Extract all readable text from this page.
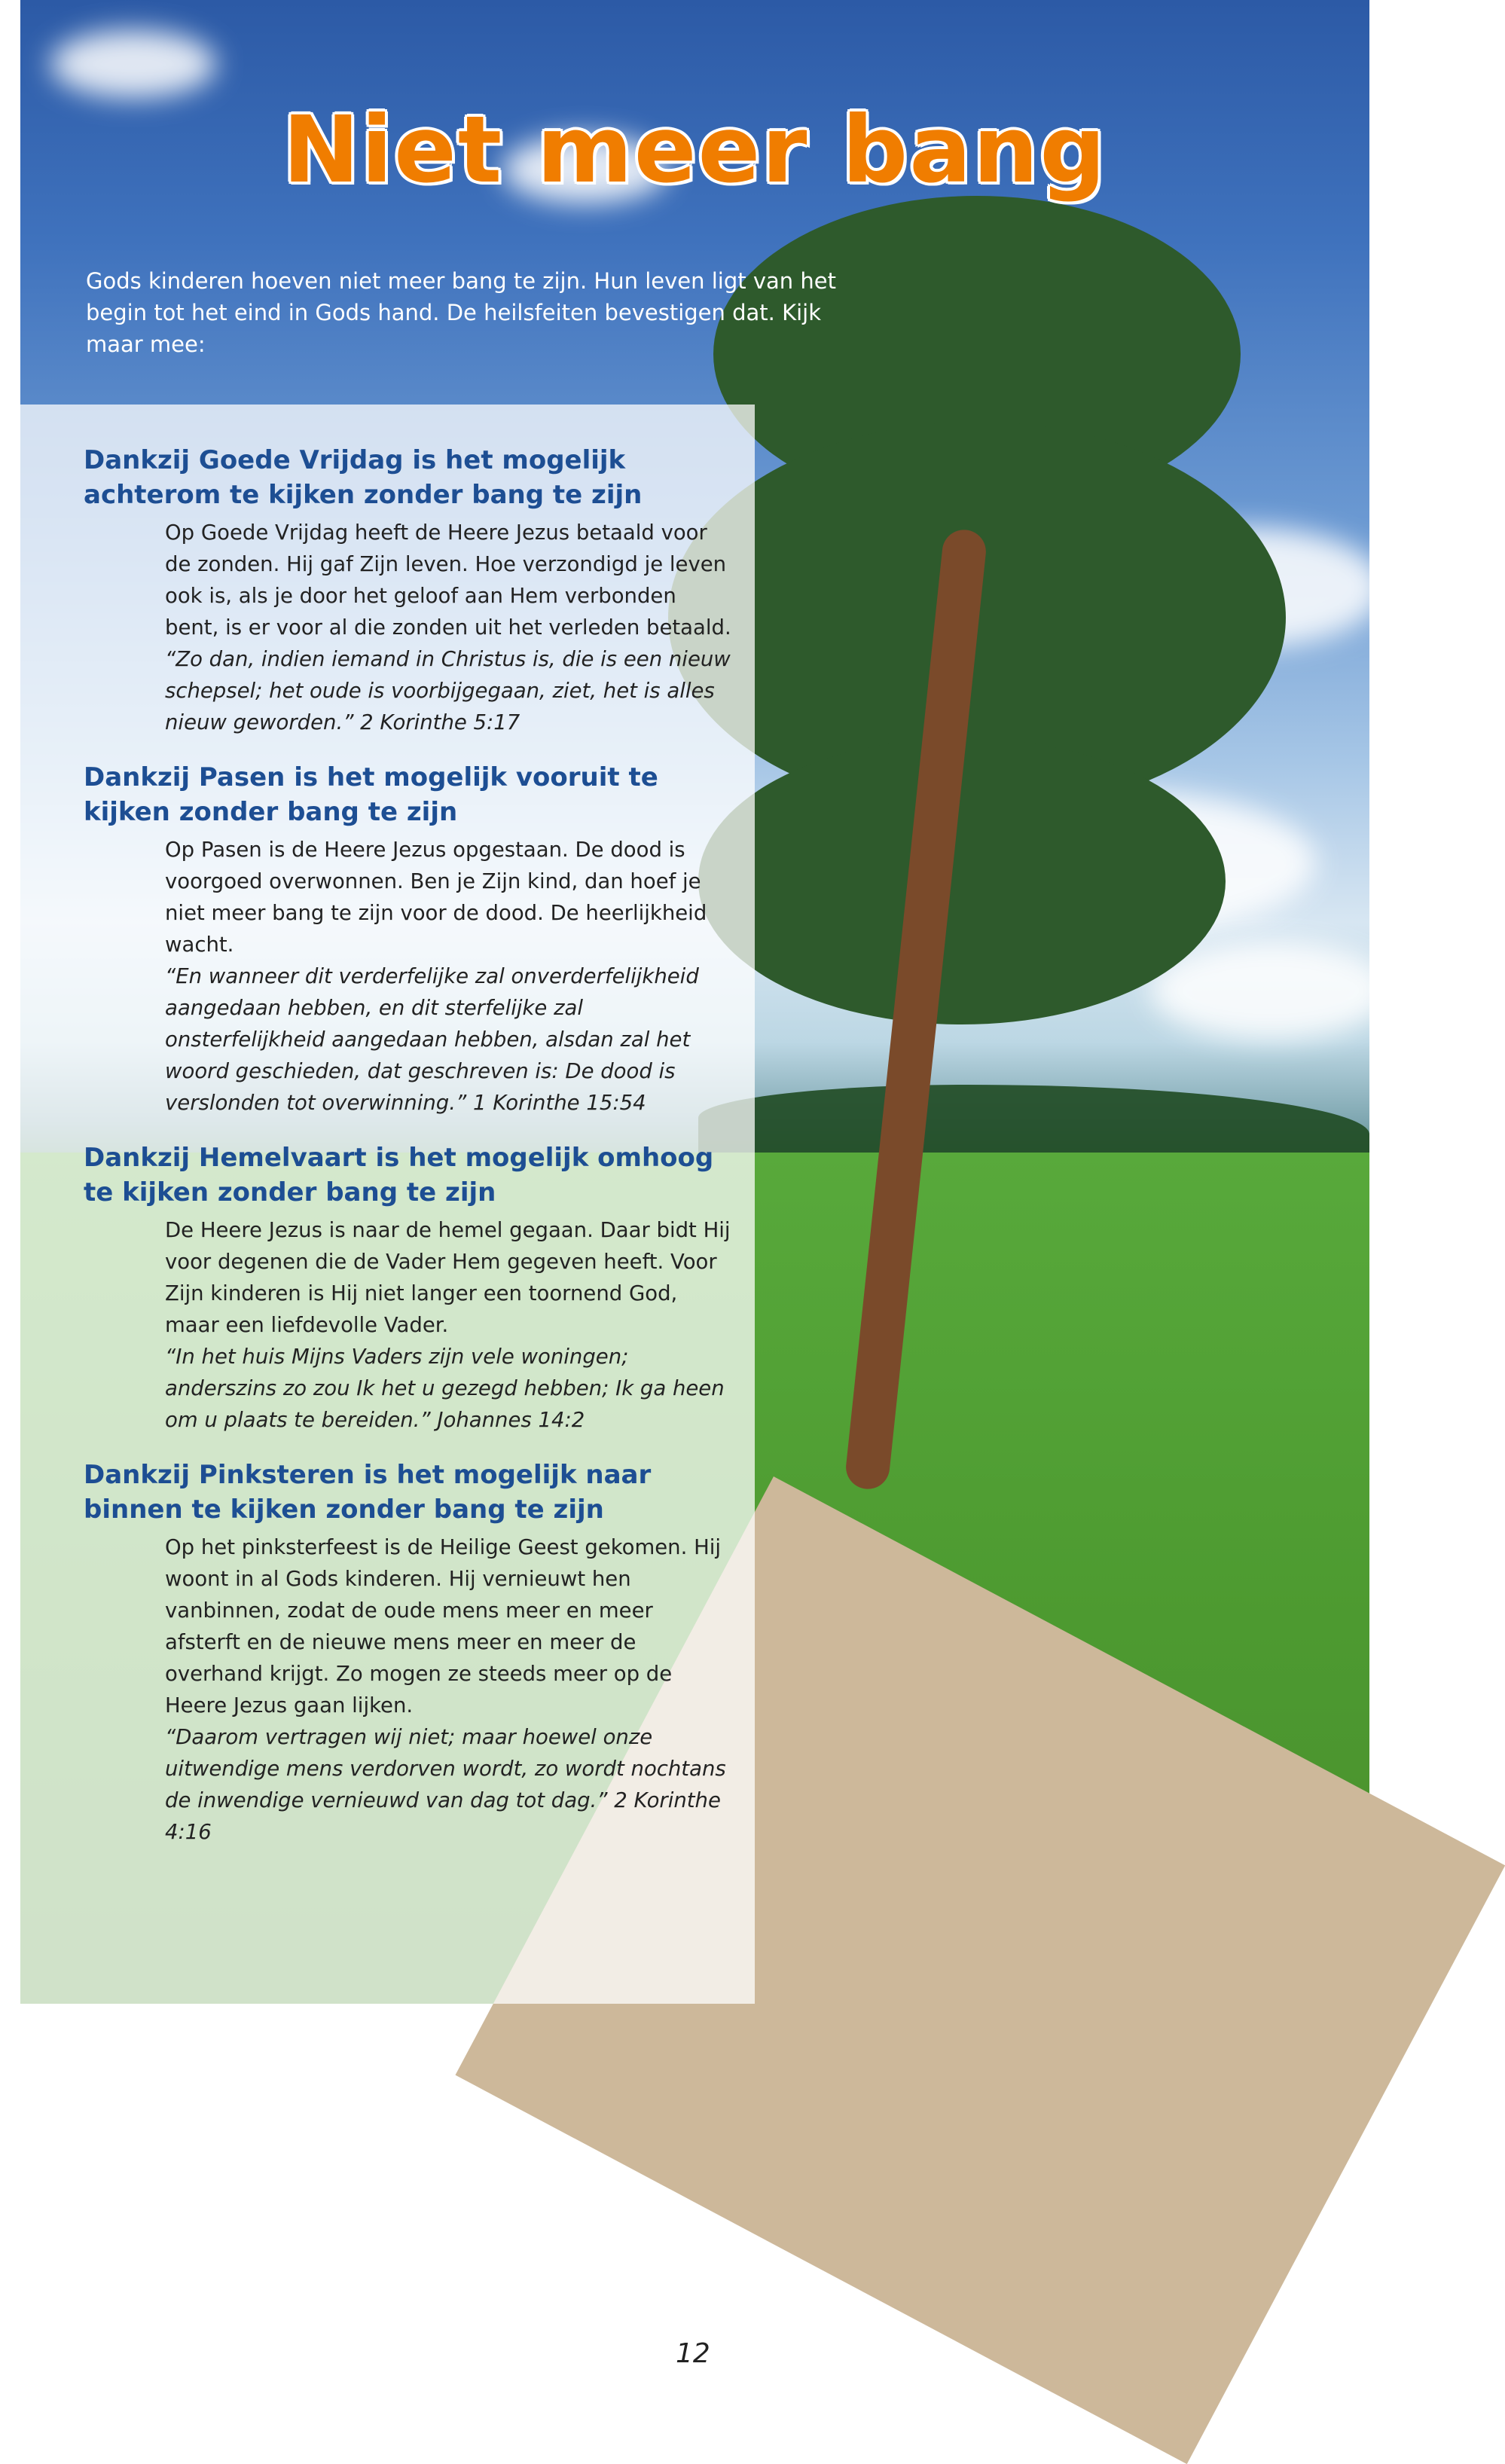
Niet meer bang

Gods kinderen hoeven niet meer bang te zijn. Hun leven ligt van het begin tot het eind in Gods hand. De heilsfeiten bevestigen dat. Kijk maar mee:

Dankzij Goede Vrijdag is het mogelijk achterom te kijken zonder bang te zijn

Op Goede Vrijdag heeft de Heere Jezus betaald voor de zonden. Hij gaf Zijn leven. Hoe verzondigd je leven ook is, als je door het geloof aan Hem verbonden bent, is er voor al die zonden uit het verleden betaald.

“Zo dan, indien iemand in Christus is, die is een nieuw schepsel; het oude is voorbijgegaan, ziet, het is alles nieuw geworden.” 2 Korinthe 5:17

Dankzij Pasen is het mogelijk vooruit te kijken zonder bang te zijn

Op Pasen is de Heere Jezus opgestaan. De dood is voorgoed overwonnen. Ben je Zijn kind, dan hoef je niet meer bang te zijn voor de dood. De heerlijkheid wacht.

“En wanneer dit verderfelijke zal onverderfelijkheid aangedaan hebben, en dit sterfelijke zal onsterfelijkheid aangedaan hebben, alsdan zal het woord geschieden, dat geschreven is: De dood is verslonden tot overwinning.” 1 Korinthe 15:54

Dankzij Hemelvaart is het mogelijk omhoog te kijken zonder bang te zijn

De Heere Jezus is naar de hemel gegaan. Daar bidt Hij voor degenen die de Vader Hem gegeven heeft. Voor Zijn kinderen is Hij niet langer een toornend God, maar een liefdevolle Vader.

“In het huis Mijns Vaders zijn vele woningen; anderszins zo zou Ik het u gezegd hebben; Ik ga heen om u plaats te bereiden.” Johannes 14:2

Dankzij Pinksteren is het mogelijk naar binnen te kijken zonder bang te zijn

Op het pinksterfeest is de Heilige Geest gekomen. Hij woont in al Gods kinderen. Hij vernieuwt hen vanbinnen, zodat de oude mens meer en meer afsterft en de nieuwe mens meer en meer de overhand krijgt. Zo mogen ze steeds meer op de Heere Jezus gaan lijken.

“Daarom vertragen wij niet; maar hoewel onze uitwendige mens verdorven wordt, zo wordt nochtans de inwendige vernieuwd van dag tot dag.” 2 Korinthe 4:16

12
